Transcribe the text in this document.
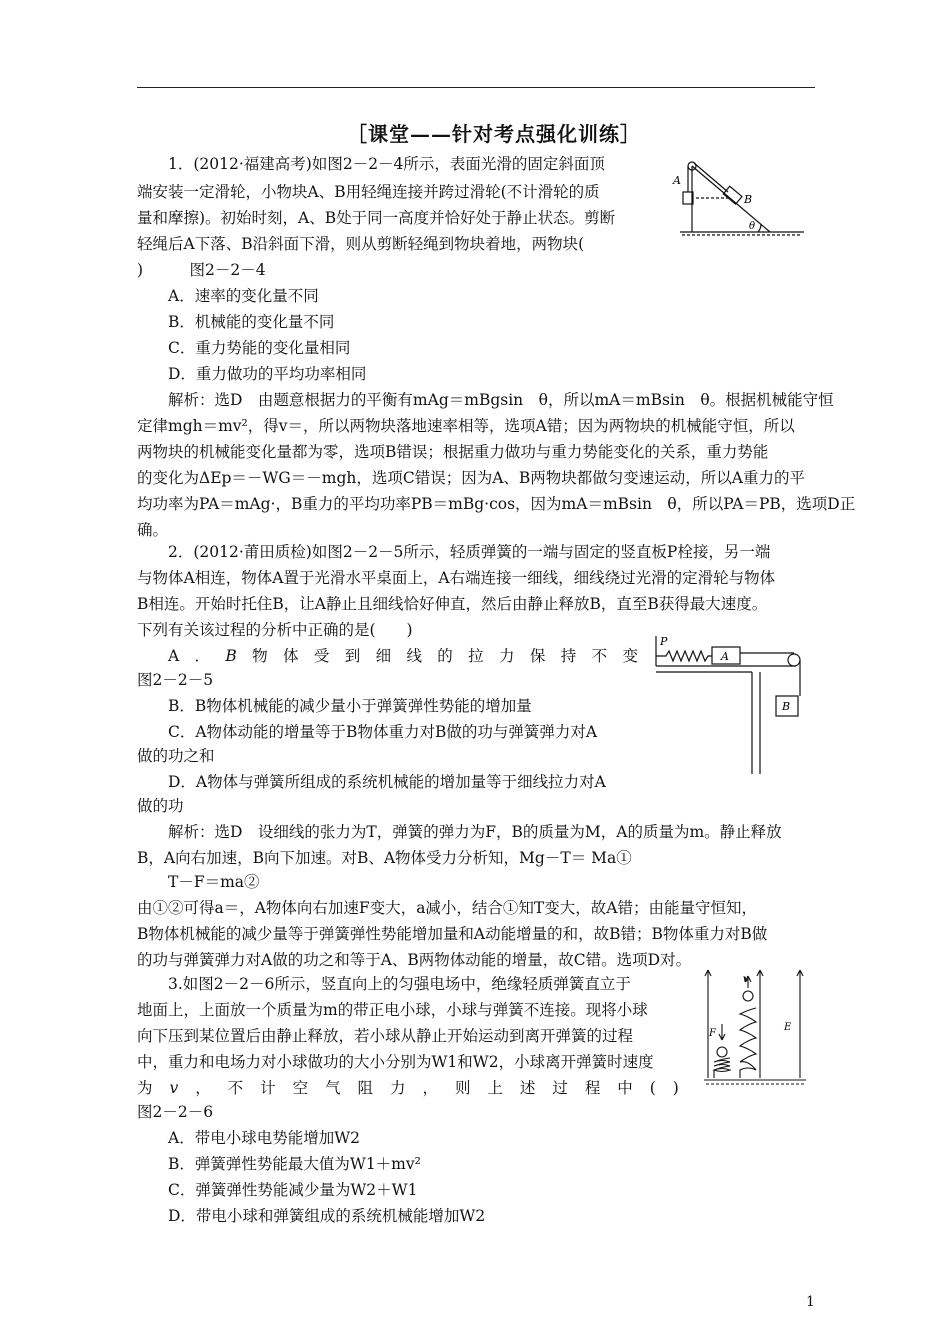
［课堂——针对考点强化训练］
1．(2012·福建高考)如图2－2－4所示，表面光滑的固定斜面顶
端安装一定滑轮，小物块A、B用轻绳连接并跨过滑轮(不计滑轮的质
量和摩擦)。初始时刻，A、B处于同一高度并恰好处于静止状态。剪断
轻绳后A下落、B沿斜面下滑，则从剪断轻绳到物块着地，两物块(
)　　　图2－2－4
A．速率的变化量不同
B．机械能的变化量不同
C．重力势能的变化量相同
D．重力做功的平均功率相同
解析：选D　由题意根据力的平衡有mAg＝mBgsin　θ，所以mA＝mBsin　θ。根据机械能守恒
定律mgh＝mv²，得v＝，所以两物块落地速率相等，选项A错；因为两物块的机械能守恒，所以
两物块的机械能变化量都为零，选项B错误；根据重力做功与重力势能变化的关系，重力势能
的变化为ΔEp＝－WG＝－mgh，选项C错误；因为A、B两物块都做匀变速运动，所以A重力的平
均功率为PA＝mAg·，B重力的平均功率PB＝mBg·cos，因为mA＝mBsin　θ，所以PA＝PB，选项D正
确。
A
B
θ
2．(2012·莆田质检)如图2－2－5所示，轻质弹簧的一端与固定的竖直板P栓接，另一端
与物体A相连，物体A置于光滑水平桌面上，A右端连接一细线，细线绕过光滑的定滑轮与物体
B相连。开始时托住B，让A静止且细线恰好伸直，然后由静止释放B，直至B获得最大速度。
下列有关该过程的分析中正确的是(　　)
A ． B 物 体 受 到 细 线 的 拉 力 保 持 不 变
图2－2－5
B．B物体机械能的减少量小于弹簧弹性势能的增加量
C．A物体动能的增量等于B物体重力对B做的功与弹簧弹力对A
做的功之和
D．A物体与弹簧所组成的系统机械能的增加量等于细线拉力对A
做的功
解析：选D　设细线的张力为T，弹簧的弹力为F，B的质量为M，A的质量为m。静止释放
B，A向右加速，B向下加速。对B、A物体受力分析知，Mg－T＝ Ma①
T－F＝ma②
由①②可得a＝，A物体向右加速F变大，a减小，结合①知T变大，故A错；由能量守恒知，
B物体机械能的减少量等于弹簧弹性势能增加量和A动能增量的和，故B错；B物体重力对B做
的功与弹簧弹力对A做的功之和等于A、B两物体动能的增量，故C错。选项D对。
P
A
B
3.如图2－2－6所示，竖直向上的匀强电场中，绝缘轻质弹簧直立于
地面上，上面放一个质量为m的带正电小球，小球与弹簧不连接。现将小球
向下压到某位置后由静止释放，若小球从静止开始运动到离开弹簧的过程
中，重力和电场力对小球做功的大小分别为W1和W2，小球离开弹簧时速度
为 v ， 不 计 空 气 阻 力 ， 则 上 述 过 程 中 ( )
图2－2－6
A．带电小球电势能增加W2
B．弹簧弹性势能最大值为W1＋mv²
C．弹簧弹性势能减少量为W2＋W1
D．带电小球和弹簧组成的系统机械能增加W2
F
v
E
1
